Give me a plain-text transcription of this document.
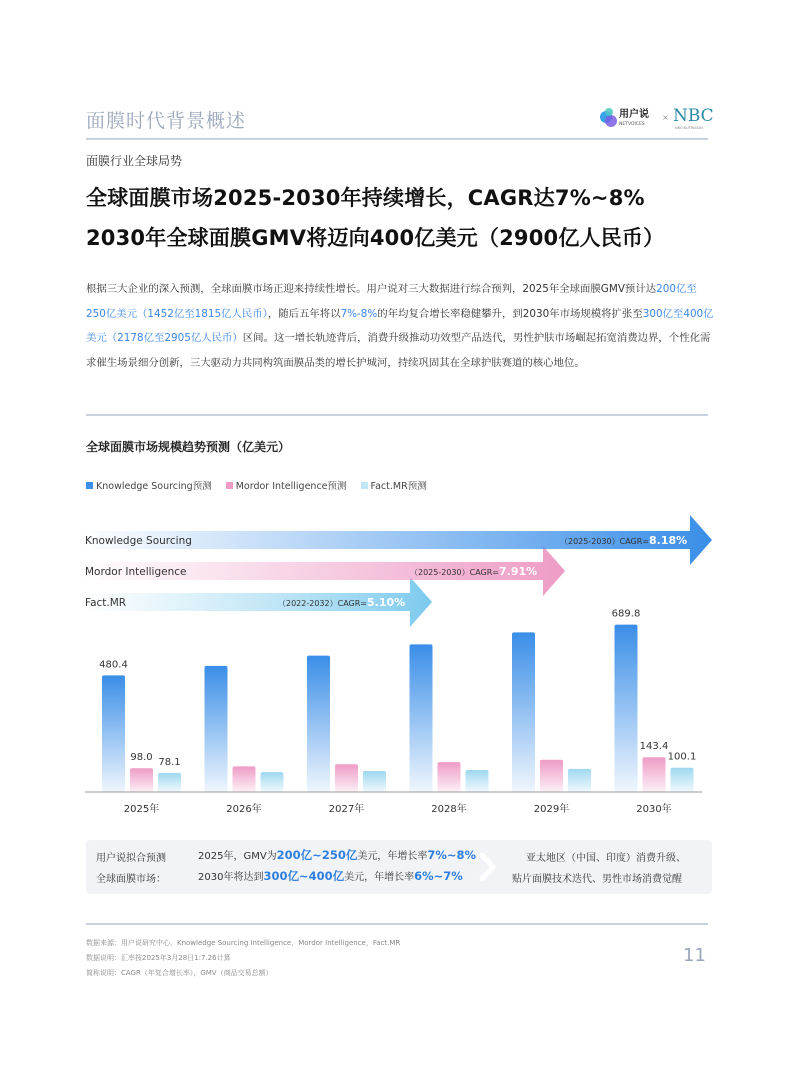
面膜时代背景概述	用户说
NETVOICES
× NBC
NBC·NUTRISION
面膜行业全球局势
全球面膜市场2025-2030年持续增长，CAGR达7%~8%
2030年全球面膜GMV将迈向400亿美元（2900亿人民币）
根据三大企业的深入预测，全球面膜市场正迎来持续性增长。用户说对三大数据进行综合预判，2025年全球面膜GMV预计达200亿至250亿美元（1452亿至1815亿人民币），随后五年将以7%-8%的年均复合增长率稳健攀升，到2030年市场规模将扩张至300亿至400亿美元（2178亿至2905亿人民币）区间。这一增长轨迹背后，消费升级推动功效型产品迭代，男性护肤市场崛起拓宽消费边界，个性化需求催生场景细分创新，三大驱动力共同构筑面膜品类的增长护城河，持续巩固其在全球护肤赛道的核心地位。
全球面膜市场规模趋势预测（亿美元）
Knowledge Sourcing预测	Mordor Intelligence预测	Fact.MR预测
Fact.MR	（2022-2032）CAGR=5.10%
Mordor Intelligence	（2025-2030）CAGR=7.91%
Knowledge Sourcing	（2025-2030）CAGR=8.18%
480.4
689.8
98.0
143.4
78.1	100.1
2025年	2026年	2027年	2028年	2029年	2030年
用户说拟合预测
全球面膜市场：
2025年，GMV为200亿~250亿美元，年增长率7%~8%
2030年将达到300亿~400亿美元，年增长率6%~7%
亚太地区（中国、印度）消费升级、
贴片面膜技术迭代、男性市场消费觉醒
数据来源：用户说研究中心，Knowledge Sourcing Intelligence，Mordor Intelligence，Fact.MR
数据说明：汇率按2025年3月28日1:7.26计算
简称说明：CAGR（年复合增长率），GMV（商品交易总额）
11
